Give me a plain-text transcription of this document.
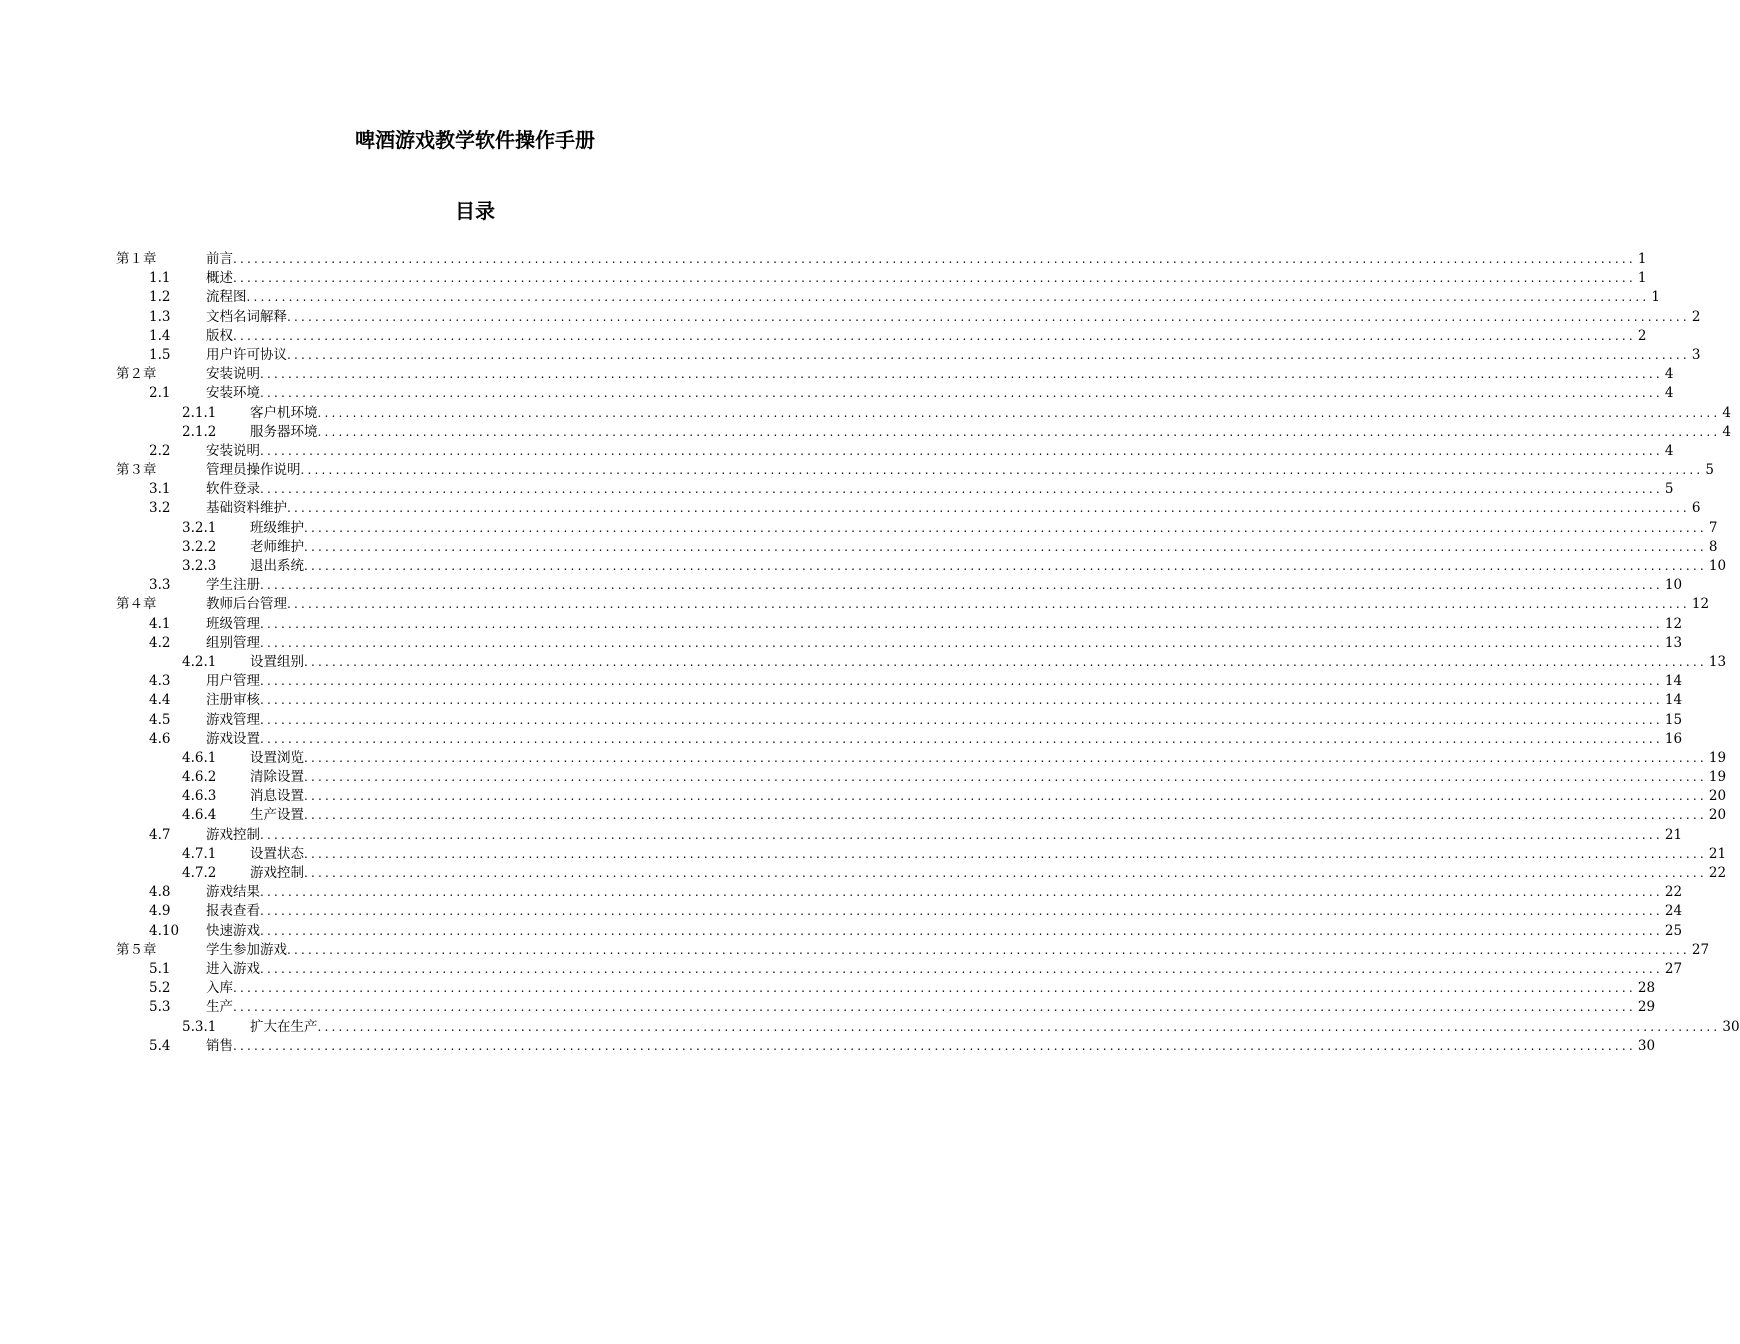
啤酒游戏教学软件操作手册
目录
第１章	前言 ........................................................................................................................................................................................................ 1
1.1	概述 ........................................................................................................................................................................................................ 1
1.2	流程图 ........................................................................................................................................................................................................ 1
1.3	文档名词解释 ........................................................................................................................................................................................................ 2
1.4	版权 ........................................................................................................................................................................................................ 2
1.5	用户许可协议 ........................................................................................................................................................................................................ 3
第２章	安装说明 ........................................................................................................................................................................................................ 4
2.1	安装环境 ........................................................................................................................................................................................................ 4
2.1.1 客户机环境 ........................................................................................................................................................................................................ 4
2.1.2 服务器环境 ........................................................................................................................................................................................................ 4
2.2	安装说明 ........................................................................................................................................................................................................ 4
第３章	管理员操作说明 ........................................................................................................................................................................................................ 5
3.1	软件登录 ........................................................................................................................................................................................................ 5
3.2	基础资料维护 ........................................................................................................................................................................................................ 6
3.2.1 班级维护 ........................................................................................................................................................................................................ 7
3.2.2 老师维护 ........................................................................................................................................................................................................ 8
3.2.3 退出系统 ........................................................................................................................................................................................................ 10
3.3	学生注册 ........................................................................................................................................................................................................ 10
第４章	教师后台管理 ........................................................................................................................................................................................................ 12
4.1	班级管理 ........................................................................................................................................................................................................ 12
4.2	组别管理 ........................................................................................................................................................................................................ 13
4.2.1 设置组别 ........................................................................................................................................................................................................ 13
4.3	用户管理 ........................................................................................................................................................................................................ 14
4.4	注册审核 ........................................................................................................................................................................................................ 14
4.5	游戏管理 ........................................................................................................................................................................................................ 15
4.6	游戏设置 ........................................................................................................................................................................................................ 16
4.6.1 设置浏览 ........................................................................................................................................................................................................ 19
4.6.2 清除设置 ........................................................................................................................................................................................................ 19
4.6.3 消息设置 ........................................................................................................................................................................................................ 20
4.6.4 生产设置 ........................................................................................................................................................................................................ 20
4.7	游戏控制 ........................................................................................................................................................................................................ 21
4.7.1 设置状态 ........................................................................................................................................................................................................ 21
4.7.2 游戏控制 ........................................................................................................................................................................................................ 22
4.8	游戏结果 ........................................................................................................................................................................................................ 22
4.9	报表查看 ........................................................................................................................................................................................................ 24
4.10 快速游戏 ........................................................................................................................................................................................................ 25
第５章	学生参加游戏 ........................................................................................................................................................................................................ 27
5.1	进入游戏 ........................................................................................................................................................................................................ 27
5.2	入库 ........................................................................................................................................................................................................ 28
5.3	生产 ........................................................................................................................................................................................................ 29
5.3.1 扩大在生产 ........................................................................................................................................................................................................ 30
5.4	销售 ........................................................................................................................................................................................................ 30
